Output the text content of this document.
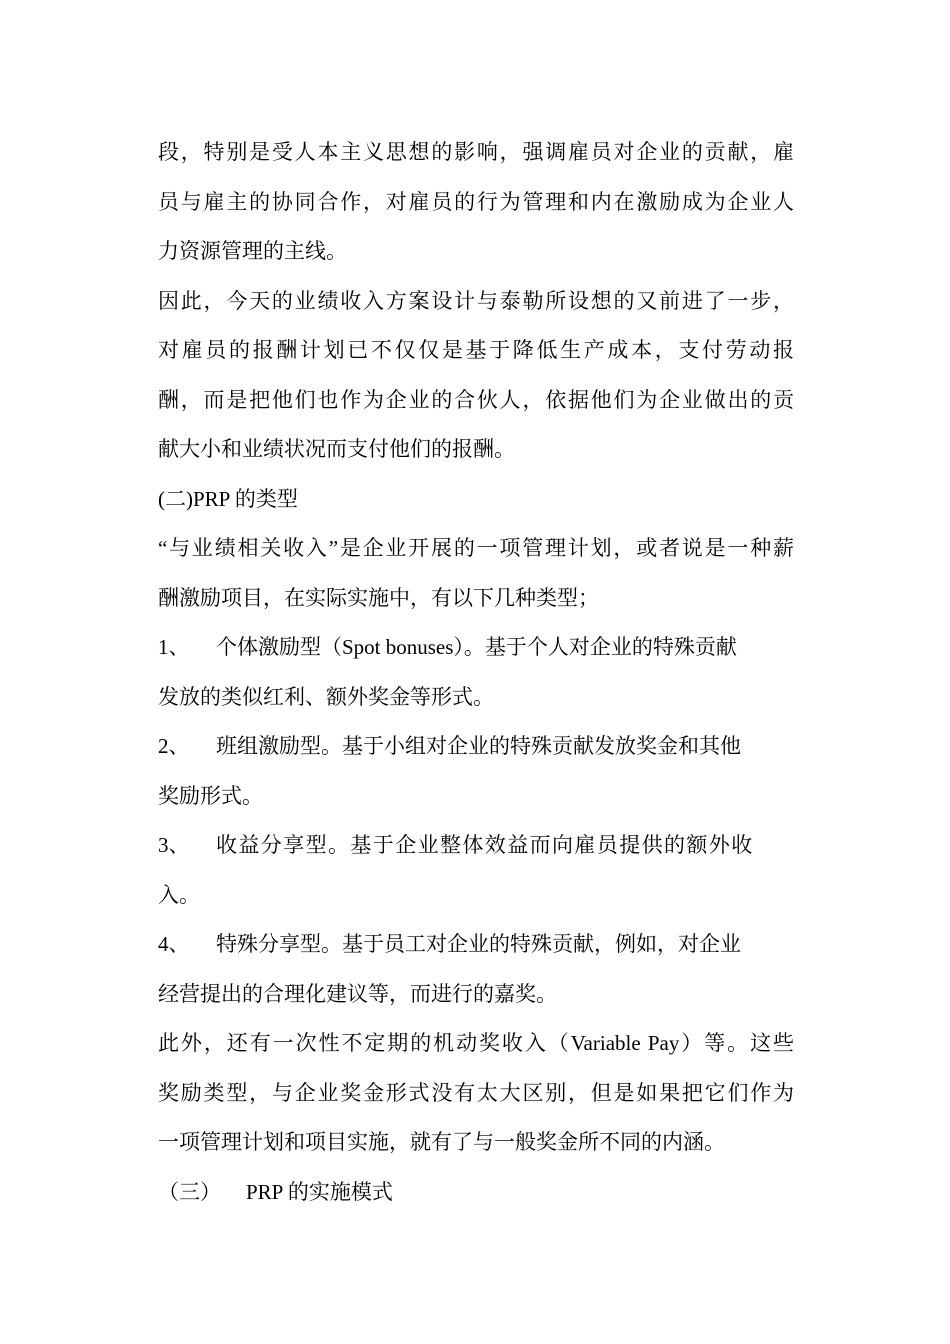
段，特别是受人本主义思想的影响，强调雇员对企业的贡献，雇
员与雇主的协同合作，对雇员的行为管理和内在激励成为企业人
力资源管理的主线。
因此，今天的业绩收入方案设计与泰勒所设想的又前进了一步，
对雇员的报酬计划已不仅仅是基于降低生产成本，支付劳动报
酬，而是把他们也作为企业的合伙人，依据他们为企业做出的贡
献大小和业绩状况而支付他们的报酬。
(二)PRP 的类型
“与业绩相关收入”是企业开展的一项管理计划，或者说是一种薪
酬激励项目，在实际实施中，有以下几种类型；
1、 个体激励型（Spot bonuses）。基于个人对企业的特殊贡献
发放的类似红利、额外奖金等形式。
2、 班组激励型。基于小组对企业的特殊贡献发放奖金和其他
奖励形式。
3、 收益分享型。基于企业整体效益而向雇员提供的额外收
入。
4、 特殊分享型。基于员工对企业的特殊贡献，例如，对企业
经营提出的合理化建议等，而进行的嘉奖。
此外，还有一次性不定期的机动奖收入（Variable Pay）等。这些
奖励类型，与企业奖金形式没有太大区别，但是如果把它们作为
一项管理计划和项目实施，就有了与一般奖金所不同的内涵。
（三） PRP 的实施模式
